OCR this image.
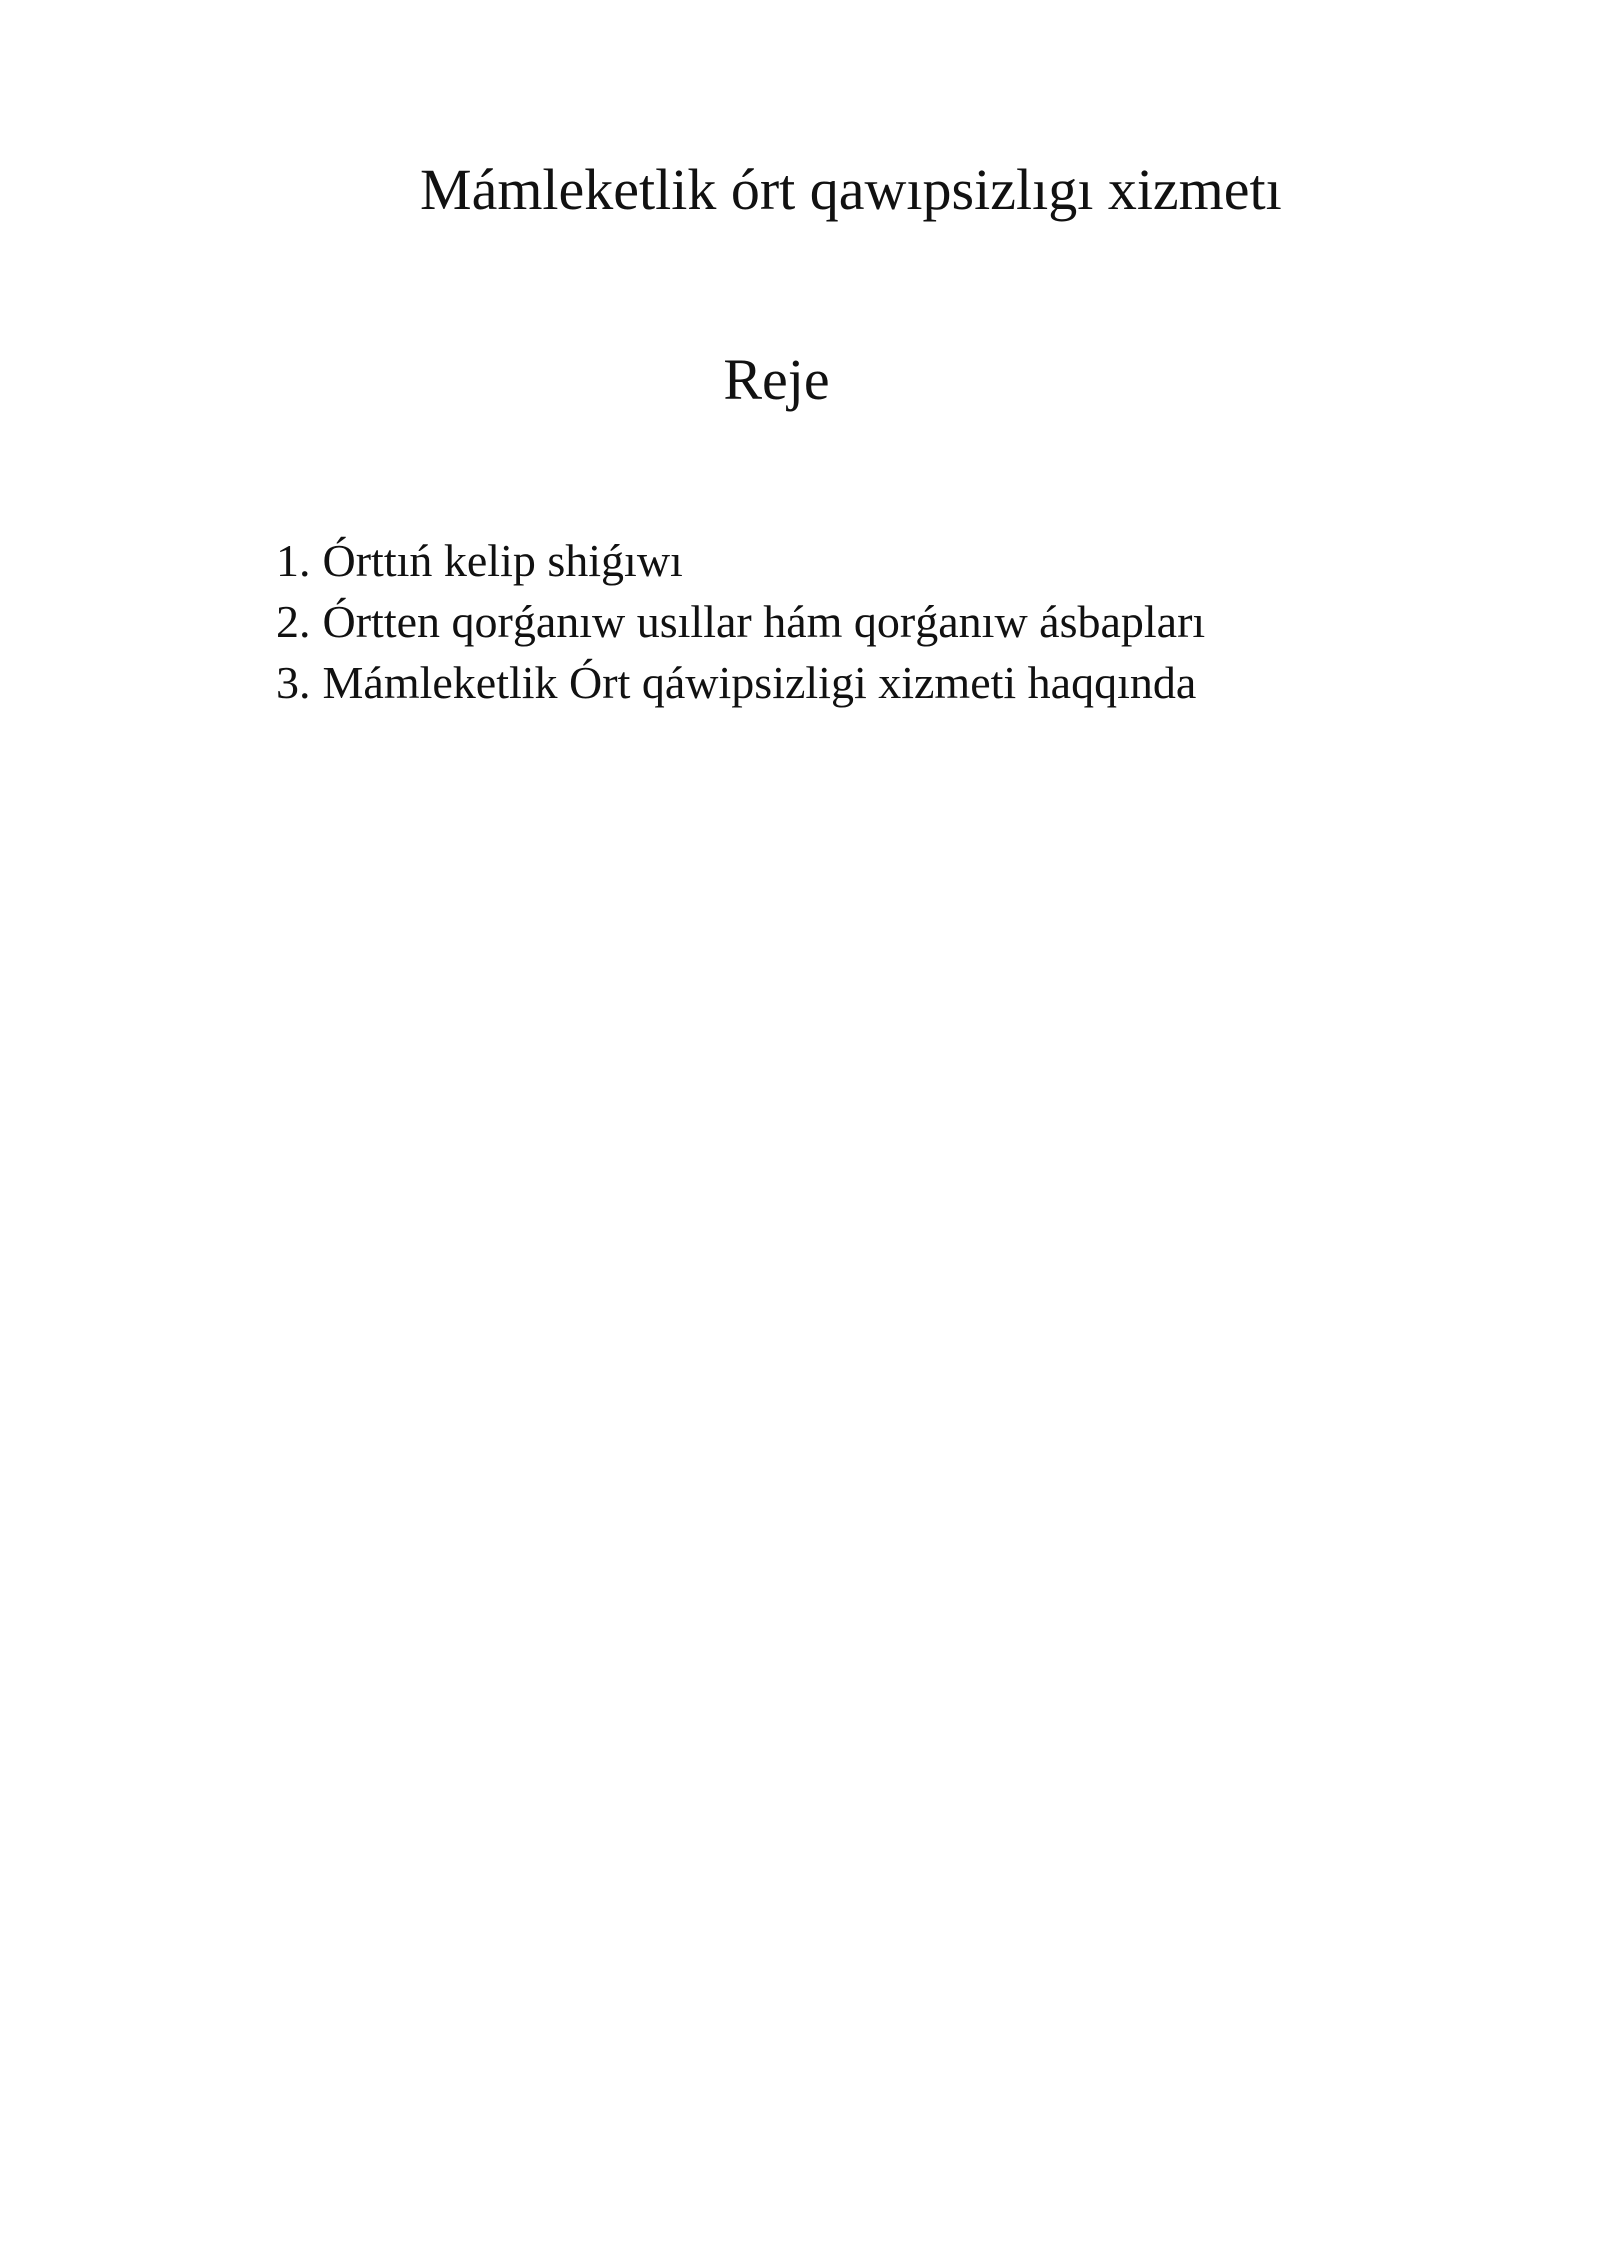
Mámleketlik órt qawıpsizlıgı xizmetı
Reje
1. Órttıń kelip shiǵıwı
2. Órtten qorǵanıw usıllar hám qorǵanıw ásbapları
3. Mámleketlik Órt qáwipsizligi xizmeti haqqında
